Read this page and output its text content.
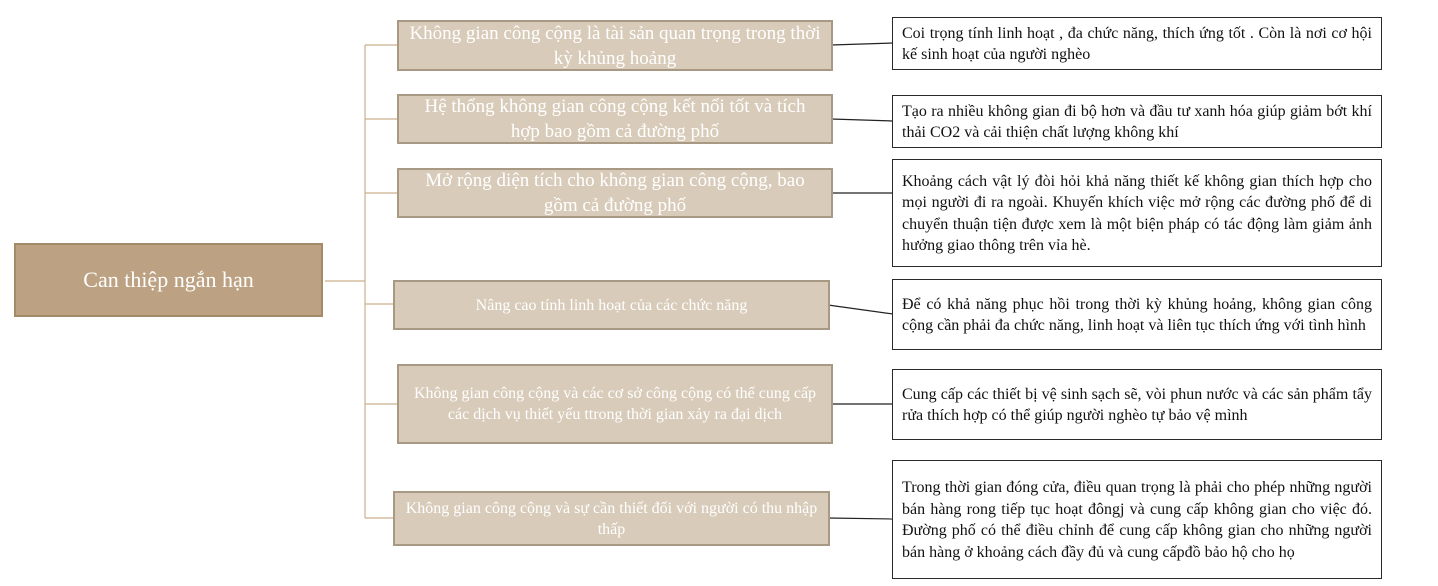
Can thiệp ngắn hạn
Không gian công cộng là tài sản quan trọng trong thời kỳ khủng hoảng
Hệ thống không gian công cộng kết nối tốt và tích hợp bao gồm cả đường phố
Mở rộng diện tích cho không gian công cộng, bao gồm cả đường phố
Nâng cao tính linh hoạt của các chức năng
Không gian công cộng và các cơ sở công cộng có thể cung cấp các dịch vụ thiết yếu ttrong thời gian xảy ra đại dịch
Không gian công cộng và sự cần thiết đối với người có thu nhập thấp
Coi trọng tính linh hoạt , đa chức năng, thích ứng tốt . Còn là nơi cơ hội kế sinh hoạt của người nghèo
Tạo ra nhiều không gian đi bộ hơn và đầu tư xanh hóa giúp giảm bớt khí thải CO2 và cải thiện chất lượng không khí
Khoảng cách vật lý đòi hỏi khả năng thiết kế không gian thích hợp cho mọi người đi ra ngoài. Khuyến khích việc mở rộng các đường phố để di chuyển thuận tiện được xem là một biện pháp có tác động làm giảm ảnh hưởng giao thông trên vỉa hè.
Để có khả năng phục hồi trong thời kỳ khủng hoảng, không gian công cộng cần phải đa chức năng, linh hoạt và liên tục thích ứng với tình hình
Cung cấp các thiết bị vệ sinh sạch sẽ, vòi phun nước và các sản phẩm tẩy rửa thích hợp có thể giúp người nghèo tự bảo vệ mình
Trong thời gian đóng cửa, điều quan trọng là phải cho phép những người bán hàng rong tiếp tục hoạt đôngj và cung cấp không gian cho việc đó. Đường phố có thể điều chỉnh để cung cấp không gian cho những người bán hàng ở khoảng cách đầy đủ và cung cấpđồ bảo hộ cho họ
